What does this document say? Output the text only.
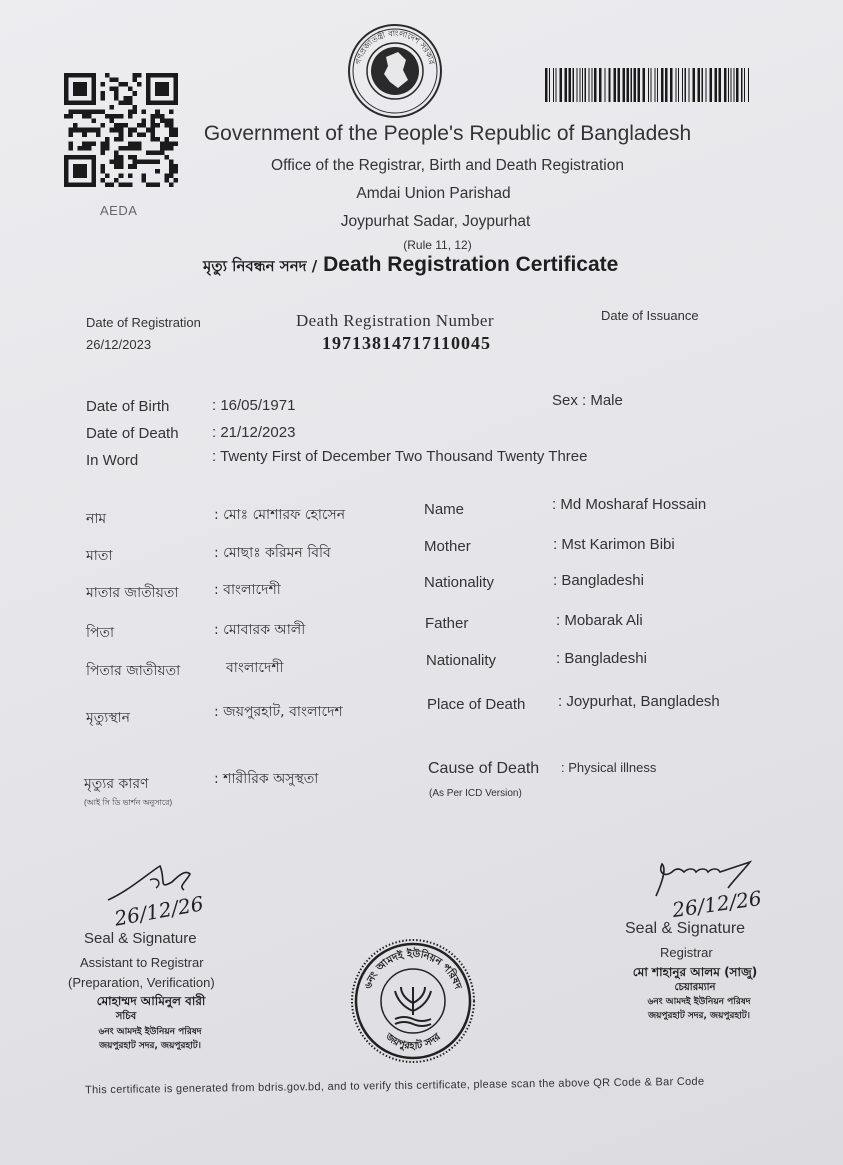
গণপ্রজাতন্ত্রী বাংলাদেশ সরকার
AEDA
Government of the People's Republic of Bangladesh
Office of the Registrar, Birth and Death Registration
Amdai Union Parishad
Joypurhat Sadar, Joypurhat
(Rule 11, 12)
মৃত্যু নিবন্ধন সনদ / Death Registration Certificate
Date of Registration
26/12/2023
Death Registration Number
19713814717110045
Date of Issuance
Date of Birth	: 16/05/1971	Sex : Male
Date of Death : 21/12/2023
In Word	: Twenty First of December Two Thousand Twenty Three
নাম	: মোঃ মোশারফ হোসেন	Name	: Md Mosharaf Hossain
মাতা	: মোছাঃ করিমন বিবি	Mother	: Mst Karimon Bibi
মাতার জাতীয়তা	: বাংলাদেশী	Nationality	: Bangladeshi
পিতা	: মোবারক আলী	Father	: Mobarak Ali
পিতার জাতীয়তা	বাংলাদেশী	Nationality	: Bangladeshi
মৃত্যুস্থান	: জয়পুরহাট, বাংলাদেশ	Place of Death : Joypurhat, Bangladesh
মৃত্যুর কারণ
(আই সি ডি ভার্শন অনুসারে)
: শারীরিক অসুস্থতা
Cause of Death : Physical illness
(As Per ICD Version)
26/12/26
Seal & Signature
Assistant to Registrar
(Preparation, Verification)
মোহাম্মদ আমিনুল বারী
সচিব
৬নং আমদই ইউনিয়ন পরিষদ
জয়পুরহাট সদর, জয়পুরহাট।
৬নং আমদই ইউনিয়ন পরিষদ
জয়পুরহাট সদর
26/12/26
Seal & Signature
Registrar
মো শাহানুর আলম (সাজু)
চেয়ারম্যান
৬নং আমদই ইউনিয়ন পরিষদ
জয়পুরহাট সদর, জয়পুরহাট।
This certificate is generated from bdris.gov.bd, and to verify this certificate, please scan the above QR Code & Bar Code
